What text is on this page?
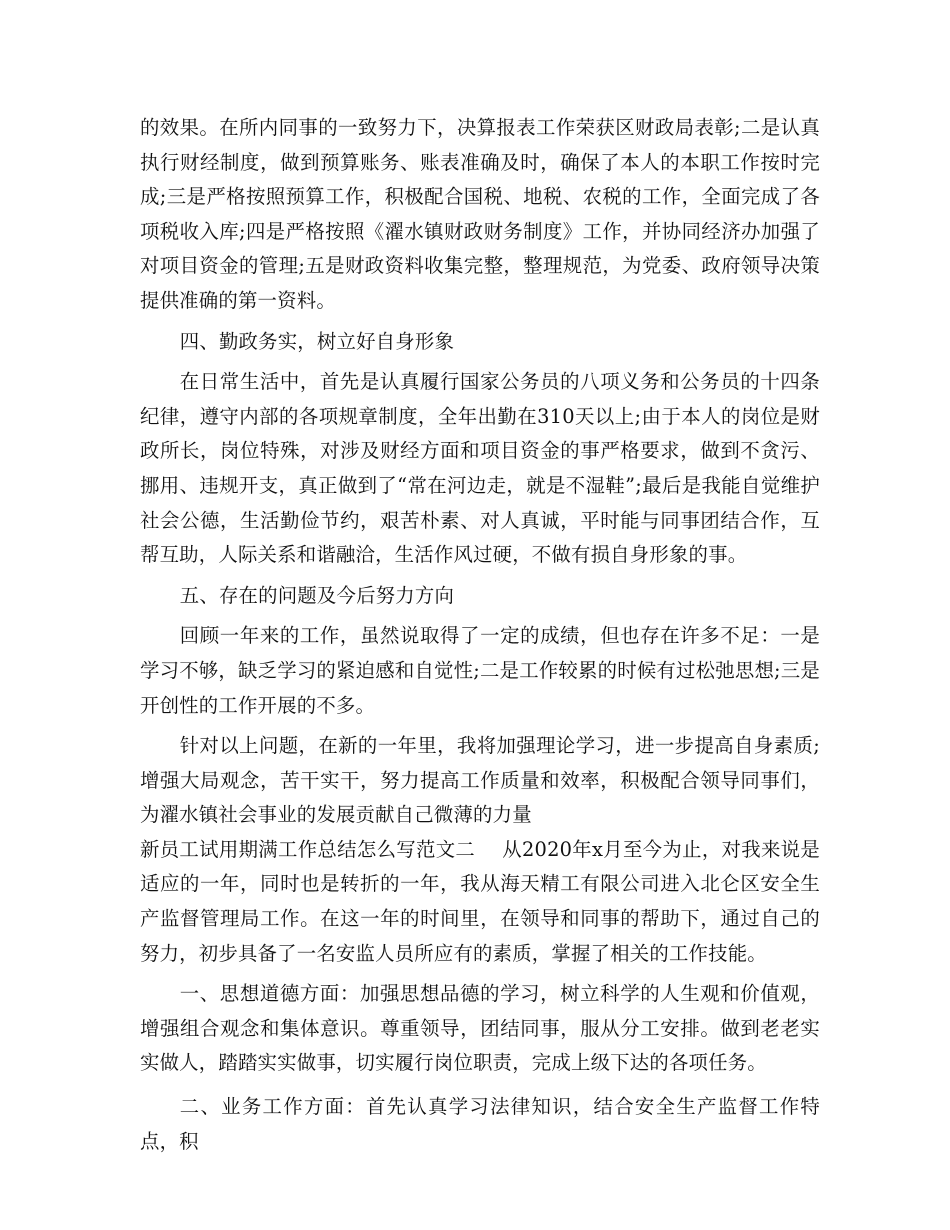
的效果。在所内同事的一致努力下，决算报表工作荣获区财政局表彰;二是认真执行财经制度，做到预算账务、账表准确及时，确保了本人的本职工作按时完成;三是严格按照预算工作，积极配合国税、地税、农税的工作，全面完成了各项税收入库;四是严格按照《濯水镇财政财务制度》工作，并协同经济办加强了对项目资金的管理;五是财政资料收集完整，整理规范，为党委、政府领导决策提供准确的第一资料。

四、勤政务实，树立好自身形象

在日常生活中，首先是认真履行国家公务员的八项义务和公务员的十四条纪律，遵守内部的各项规章制度，全年出勤在310天以上;由于本人的岗位是财政所长，岗位特殊，对涉及财经方面和项目资金的事严格要求，做到不贪污、挪用、违规开支，真正做到了“常在河边走，就是不湿鞋”;最后是我能自觉维护社会公德，生活勤俭节约，艰苦朴素、对人真诚，平时能与同事团结合作，互帮互助，人际关系和谐融洽，生活作风过硬，不做有损自身形象的事。

五、存在的问题及今后努力方向

回顾一年来的工作，虽然说取得了一定的成绩，但也存在许多不足：一是学习不够，缺乏学习的紧迫感和自觉性;二是工作较累的时候有过松弛思想;三是开创性的工作开展的不多。

针对以上问题，在新的一年里，我将加强理论学习，进一步提高自身素质;增强大局观念，苦干实干，努力提高工作质量和效率，积极配合领导同事们，为濯水镇社会事业的发展贡献自己微薄的力量

新员工试用期满工作总结怎么写范文二 从2020年x月至今为止，对我来说是适应的一年，同时也是转折的一年，我从海天精工有限公司进入北仑区安全生产监督管理局工作。在这一年的时间里，在领导和同事的帮助下，通过自己的努力，初步具备了一名安监人员所应有的素质，掌握了相关的工作技能。

一、思想道德方面：加强思想品德的学习，树立科学的人生观和价值观，增强组合观念和集体意识。尊重领导，团结同事，服从分工安排。做到老老实实做人，踏踏实实做事，切实履行岗位职责，完成上级下达的各项任务。

二、业务工作方面：首先认真学习法律知识，结合安全生产监督工作特点，积
